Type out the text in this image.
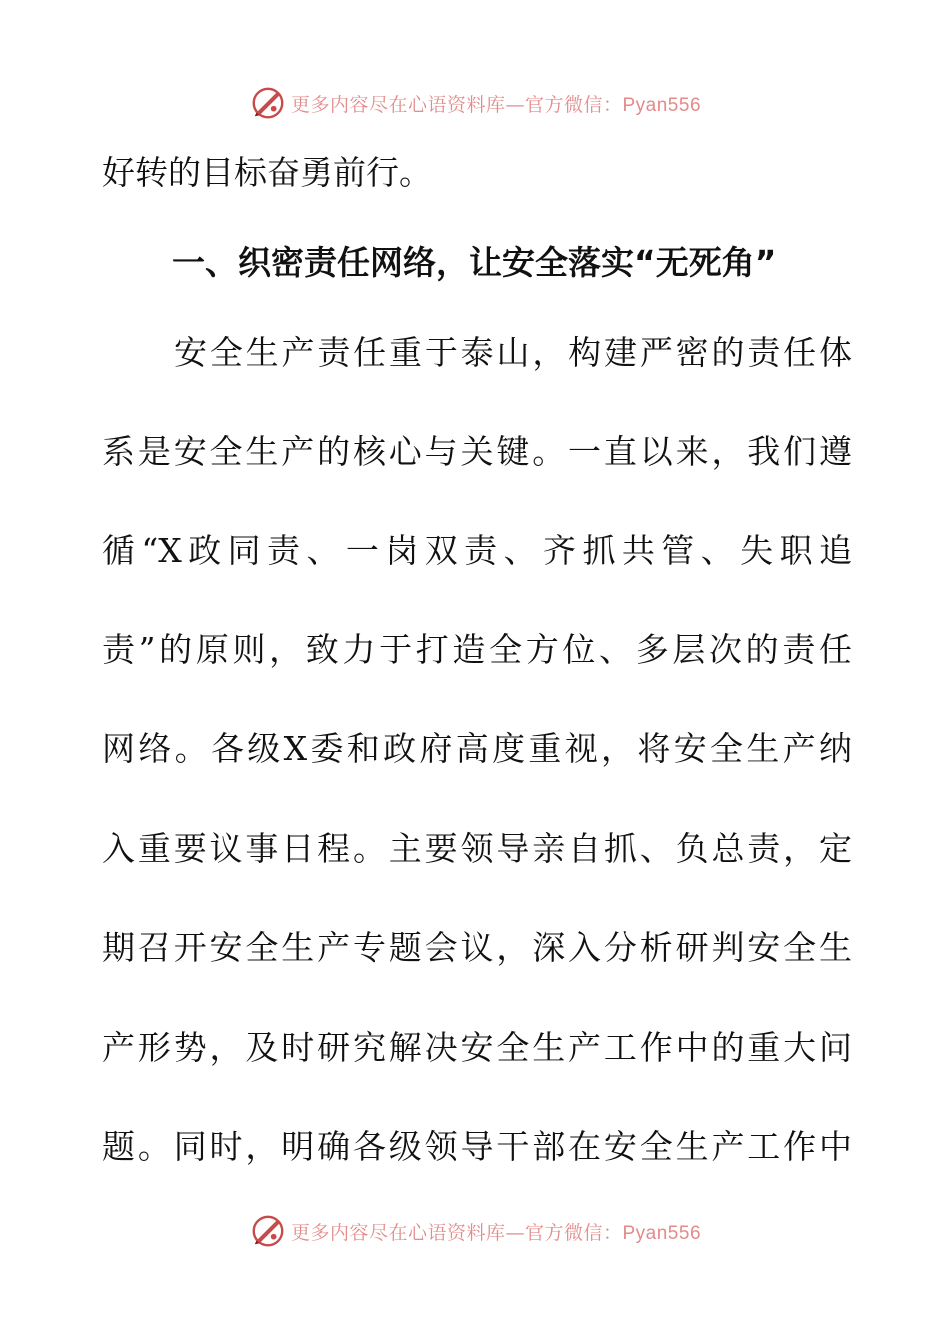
更多内容尽在心语资料库—官方微信：Pyan556
好转的目标奋勇前行。
一、织密责任网络，让安全落实“无死角”
安全生产责任重于泰山，构建严密的责任体
系是安全生产的核心与关键。一直以来，我们遵
循“X政同责、一岗双责、齐抓共管、失职追
责”的原则，致力于打造全方位、多层次的责任
网络。各级X委和政府高度重视，将安全生产纳
入重要议事日程。主要领导亲自抓、负总责，定
期召开安全生产专题会议，深入分析研判安全生
产形势，及时研究解决安全生产工作中的重大问
题。同时，明确各级领导干部在安全生产工作中
更多内容尽在心语资料库—官方微信：Pyan556
